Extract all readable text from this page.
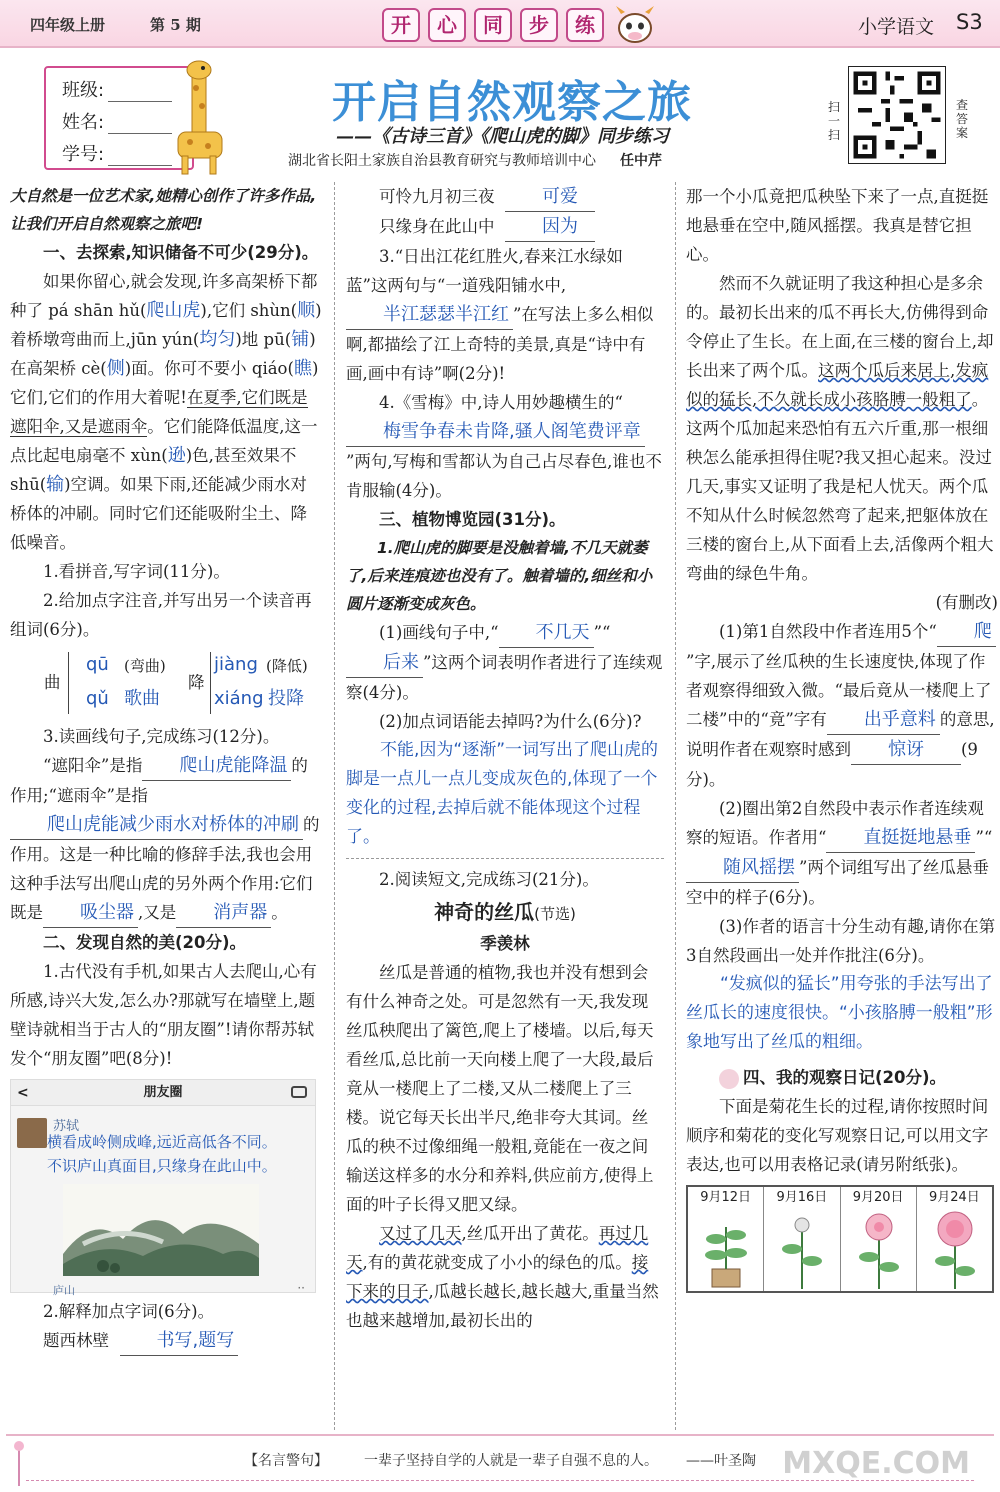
四年级上册	第 5 期	开	心	同	步	练	小学语文 S3
班级:
姓名:
学号:
开启自然观察之旅
——《古诗三首》《爬山虎的脚》同步练习
湖北省长阳土家族自治县教育研究与教师培训中心 任中芹
扫一扫
查答案

大自然是一位艺术家,她精心创作了许多作品,让我们开启自然观察之旅吧!

一、去探索,知识储备不可少(29分)。

如果你留心,就会发现,许多高架桥下都种了 pá shān hǔ(爬山虎),它们 shùn(顺)着桥墩弯曲而上,jūn yún(均匀)地 pū(铺)在高架桥 cè(侧)面。你可不要小 qiáo(瞧)它们,它们的作用大着呢!在夏季,它们既是遮阳伞,又是遮雨伞。它们能降低温度,这一点比起电扇毫不 xùn(逊)色,甚至效果不 shū(输)空调。如果下雨,还能减少雨水对桥体的冲刷。同时它们还能吸附尘土、降低噪音。

1.看拼音,写字词(11分)。

2.给加点字注音,并写出另一个读音再组词(6分)。

曲
qū (弯曲)
qǔ 歌曲
降
jiàng (降低)
xiáng 投降

3.读画线句子,完成练习(12分)。

“遮阳伞”是指 爬山虎能降温 的作用;“遮雨伞”是指爬山虎能减少雨水对桥体的冲刷 的作用。这是一种比喻的修辞手法,我也会用这种手法写出爬山虎的另外两个作用:它们既是 吸尘器 ,又是 消声器 。

二、发现自然的美(20分)。

1.古代没有手机,如果古人去爬山,心有所感,诗兴大发,怎么办?那就写在墙壁上,题壁诗就相当于古人的“朋友圈”!请你帮苏轼发个“朋友圈”吧(8分)!

<	朋友圈
苏轼
横看成岭侧成峰,远近高低各不同。
不识庐山真面目,只缘身在此山中。
庐山	··

2.解释加点字词(6分)。

题西林壁	书写,题写

可怜九月初三夜	可爱

只缘身在此山中	因为

3.“日出江花红胜火,春来江水绿如蓝”这两句与“一道残阳铺水中,半江瑟瑟半江红 ”在写法上多么相似啊,都描绘了江上奇特的美景,真是“诗中有画,画中有诗”啊(2分)!

4.《雪梅》中,诗人用妙趣横生的“梅雪争春未肯降,骚人阁笔费评章”两句,写梅和雪都认为自己占尽春色,谁也不肯服输(4分)。

三、植物博览园(31分)。

1.爬山虎的脚要是没触着墙,不几天就萎了,后来连痕迹也没有了。触着墙的,细丝和小圆片逐渐变成灰色。

(1)画线句子中,“ 不几天 ”“后来 ”这两个词表明作者进行了连续观察(4分)。

(2)加点词语能去掉吗?为什么(6分)?

不能,因为“逐渐”一词写出了爬山虎的脚是一点儿一点儿变成灰色的,体现了一个变化的过程,去掉后就不能体现这个过程了。

2.阅读短文,完成练习(21分)。

神奇的丝瓜(节选)

季羡林

丝瓜是普通的植物,我也并没有想到会有什么神奇之处。可是忽然有一天,我发现丝瓜秧爬出了篱笆,爬上了楼墙。以后,每天看丝瓜,总比前一天向楼上爬了一大段,最后竟从一楼爬上了二楼,又从二楼爬上了三楼。说它每天长出半尺,绝非夸大其词。丝瓜的秧不过像细绳一般粗,竟能在一夜之间输送这样多的水分和养料,供应前方,使得上面的叶子长得又肥又绿。

又过了几天,丝瓜开出了黄花。再过几天,有的黄花就变成了小小的绿色的瓜。接下来的日子,瓜越长越长,越长越大,重量当然也越来越增加,最初长出的

那一个小瓜竟把瓜秧坠下来了一点,直挺挺地悬垂在空中,随风摇摆。我真是替它担心。

然而不久就证明了我这种担心是多余的。最初长出来的瓜不再长大,仿佛得到命令停止了生长。在上面,在三楼的窗台上,却长出来了两个瓜。这两个瓜后来居上,发疯似的猛长,不久就长成小孩胳膊一般粗了。这两个瓜加起来恐怕有五六斤重,那一根细秧怎么能承担得住呢?我又担心起来。没过几天,事实又证明了我是杞人忧天。两个瓜不知从什么时候忽然弯了起来,把躯体放在三楼的窗台上,从下面看上去,活像两个粗大弯曲的绿色牛角。

(有删改)

(1)第1自然段中作者连用5个“ 爬”字,展示了丝瓜秧的生长速度快,体现了作者观察得细致入微。“最后竟从一楼爬上了二楼”中的“竟”字有 出乎意料 的意思,说明作者在观察时感到 惊讶 (9分)。

(2)圈出第2自然段中表示作者连续观察的短语。作者用“ 直挺挺地悬垂 ”“随风摇摆 ”两个词组写出了丝瓜悬垂空中的样子(6分)。

(3)作者的语言十分生动有趣,请你在第3自然段画出一处并作批注(6分)。

“发疯似的猛长”用夸张的手法写出了丝瓜长的速度很快。“小孩胳膊一般粗”形象地写出了丝瓜的粗细。

四、我的观察日记(20分)。

下面是菊花生长的过程,请你按照时间顺序和菊花的变化写观察日记,可以用文字表达,也可以用表格记录(请另附纸张)。

9月12日	9月16日	9月20日	9月24日
【名言警句】	一辈子坚持自学的人就是一辈子自强不息的人。 ——叶圣陶 MXQE.COM
